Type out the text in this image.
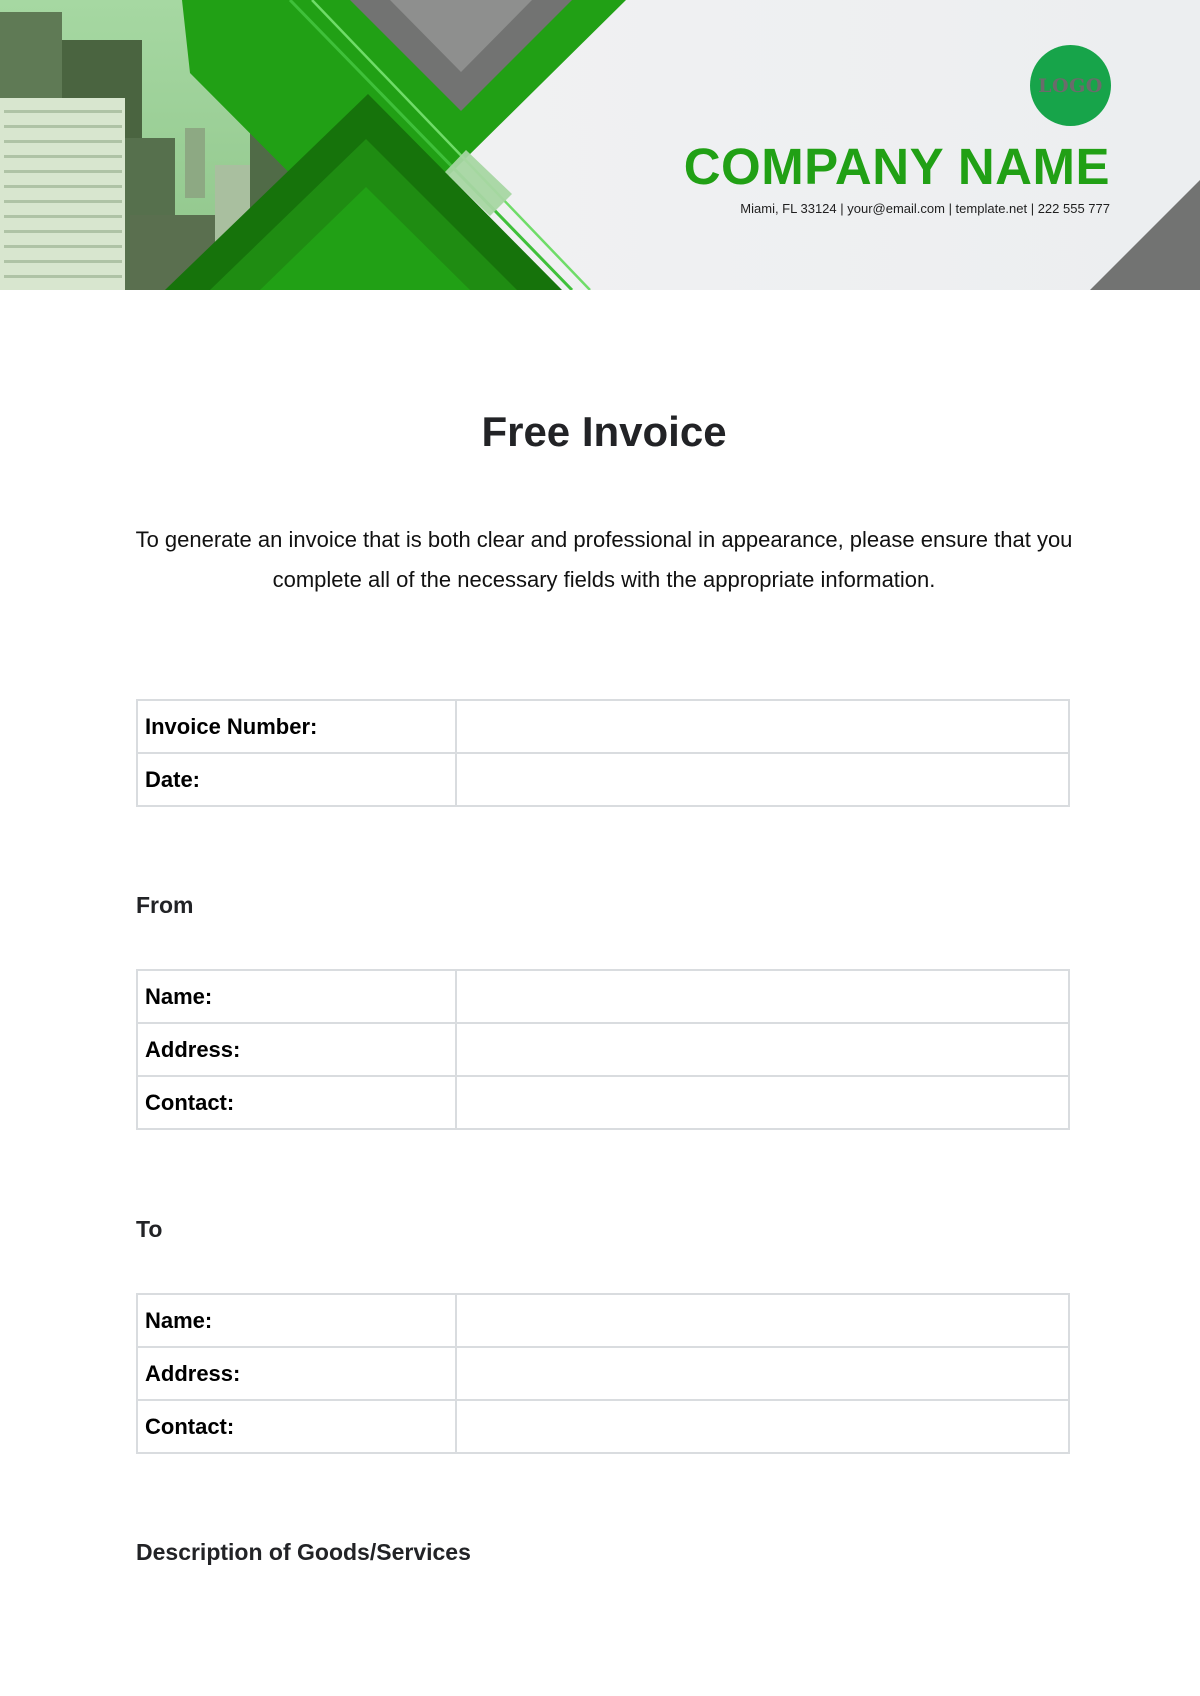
LOGO
COMPANY NAME
Miami, FL 33124 | your@email.com | template.net | 222 555 777
Free Invoice

To generate an invoice that is both clear and professional in appearance, please ensure that you complete all of the necessary fields with the appropriate information.

Invoice Number:	
Date:	
From
Name:	
Address:	
Contact:	
To
Name:	
Address:	
Contact:	
Description of Goods/Services
